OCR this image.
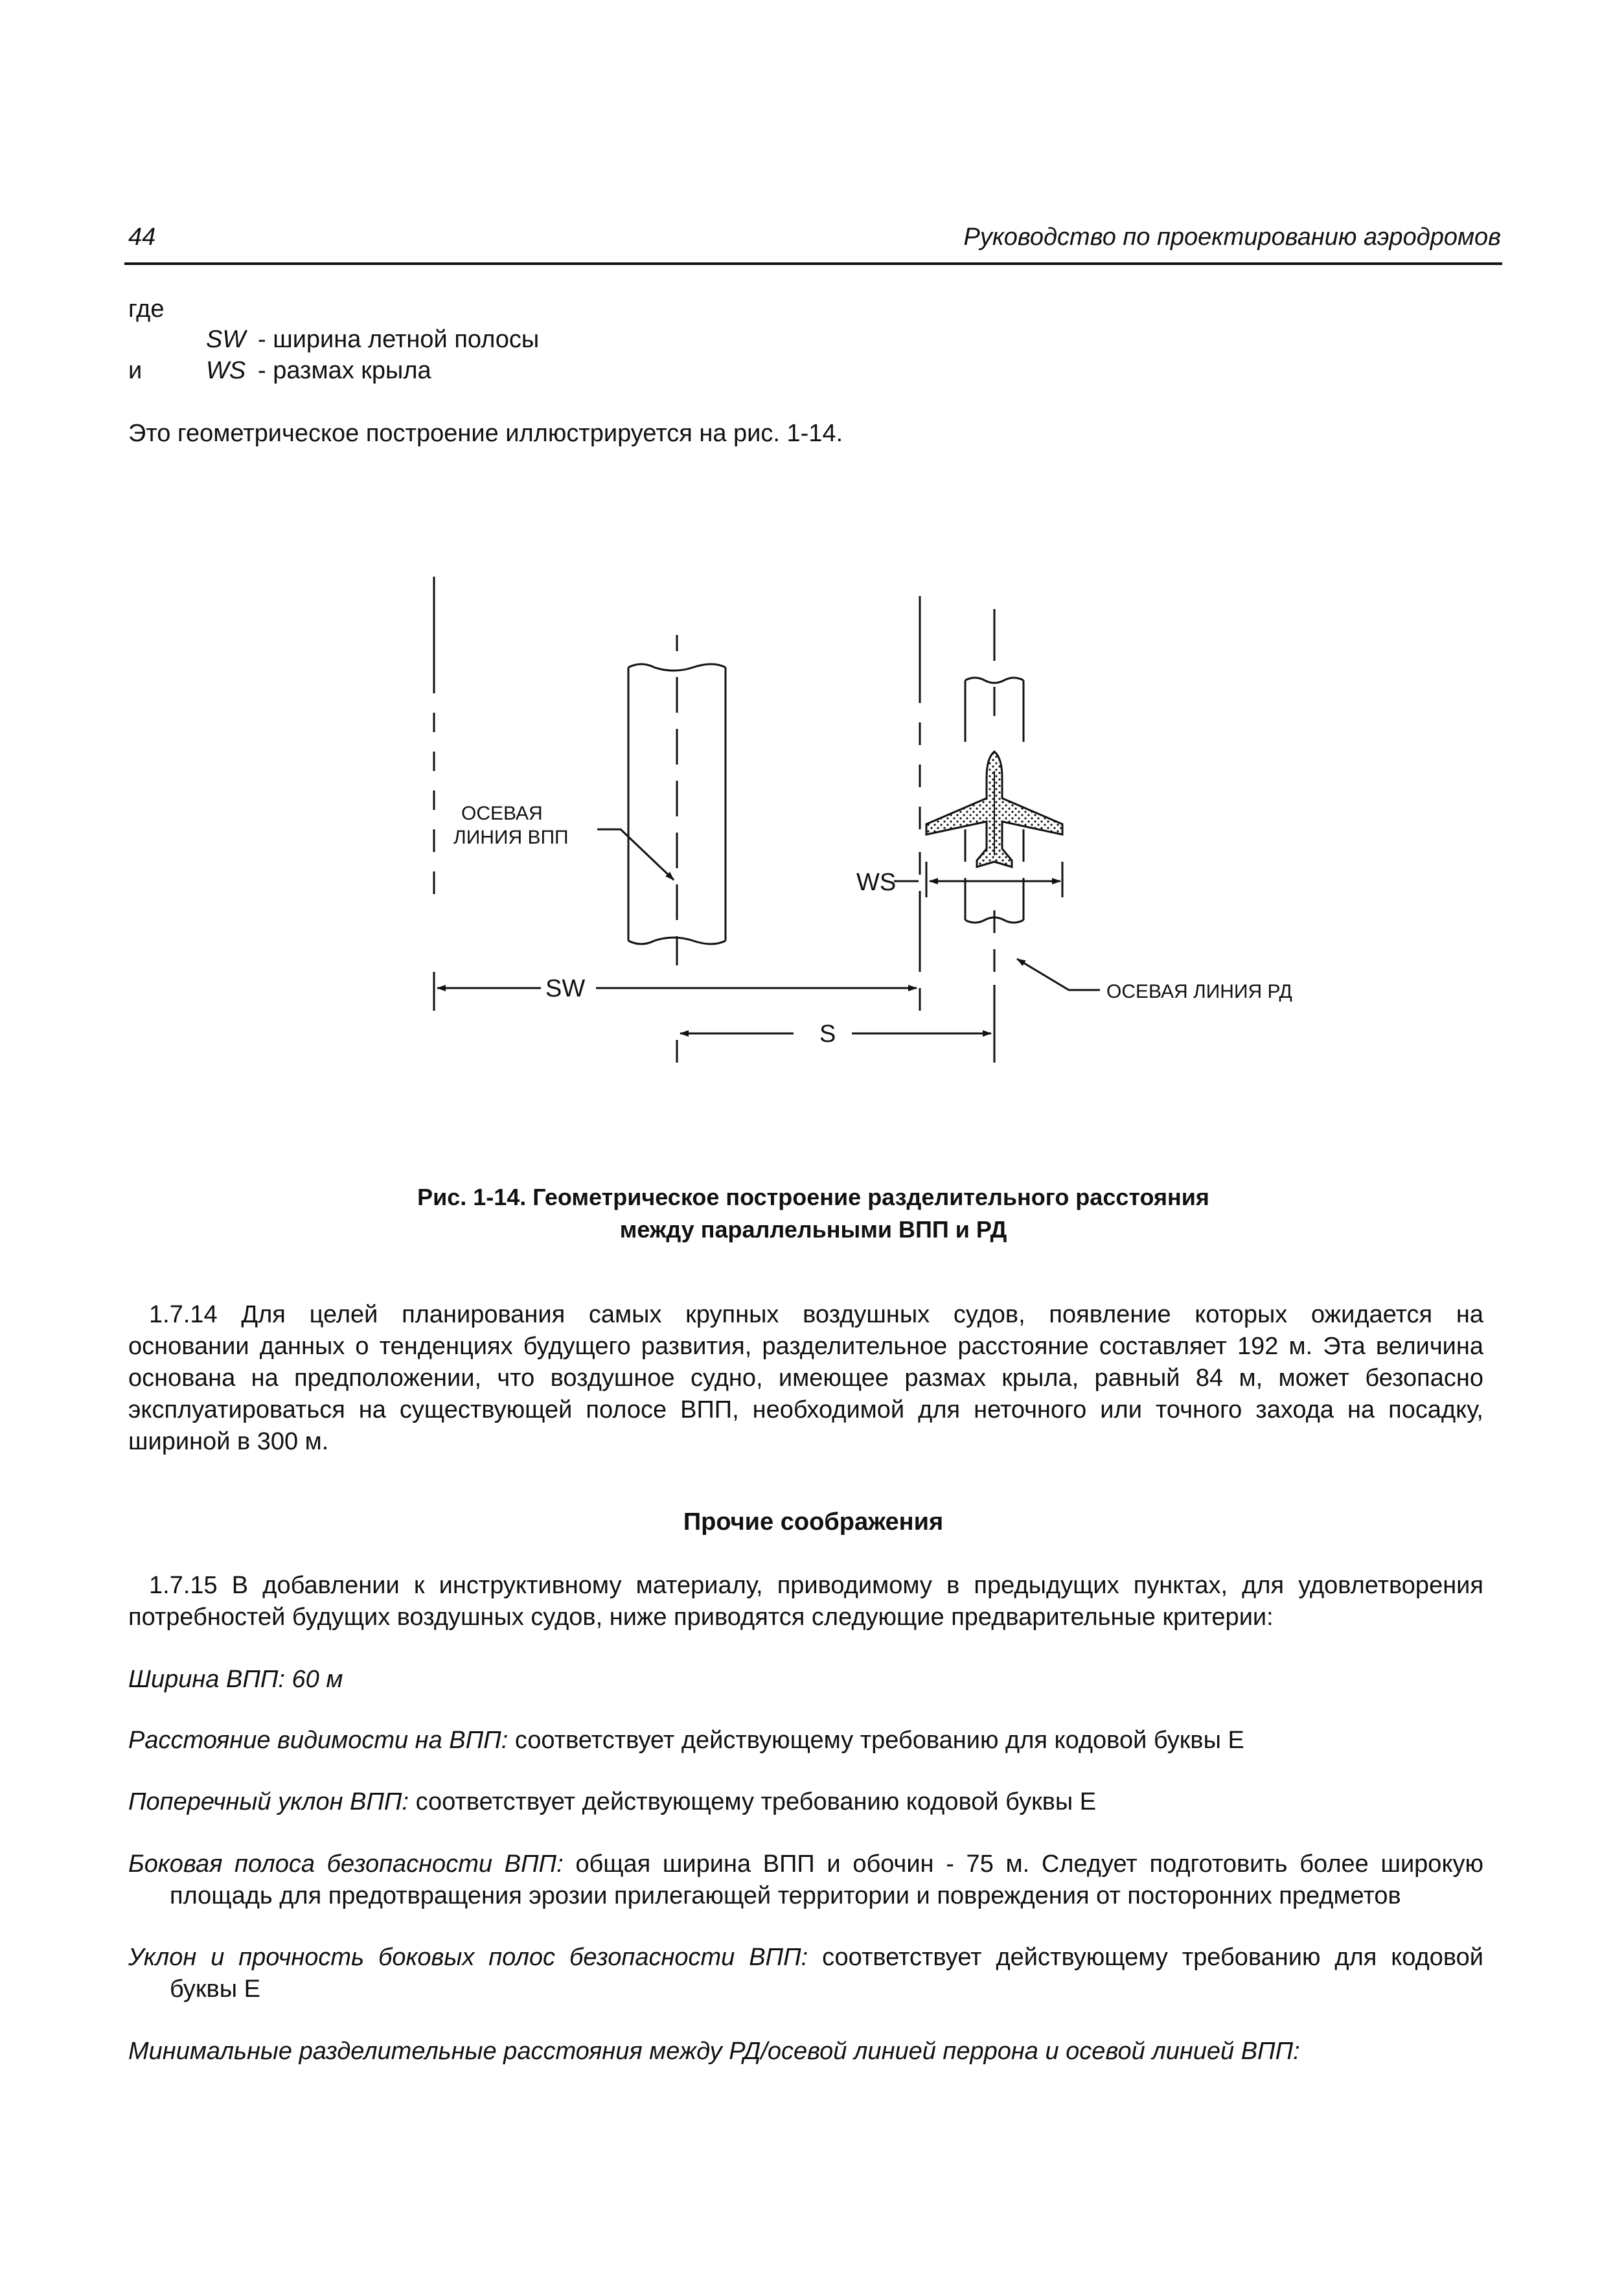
44	Руководство по проектированию аэродромов
где
SW - ширина летной полосы
и	WS - размах крыла
Это геометрическое построение иллюстрируется на рис. 1-14.
WS
ОСЕВАЯ
ЛИНИЯ ВПП
ОСЕВАЯ ЛИНИЯ РД
SW
S
Рис. 1-14. Геометрическое построение разделительного расстояния
между параллельными ВПП и РД
1.7.14 Для целей планирования самых крупных воздушных судов, появление которых ожидается на
основании данных о тенденциях будущего развития, разделительное расстояние составляет 192 м. Эта величина
основана на предположении, что воздушное судно, имеющее размах крыла, равный 84 м, может безопасно
эксплуатироваться на существующей полосе ВПП, необходимой для неточного или точного захода на посадку,
шириной в 300 м.
Прочие соображения
1.7.15 В добавлении к инструктивному материалу, приводимому в предыдущих пунктах, для удовлетворения
потребностей будущих воздушных судов, ниже приводятся следующие предварительные критерии:
Ширина ВПП: 60 м
Расстояние видимости на ВПП: соответствует действующему требованию для кодовой буквы E
Поперечный уклон ВПП: соответствует действующему требованию кодовой буквы E
Боковая полоса безопасности ВПП: общая ширина ВПП и обочин - 75 м. Следует подготовить более широкую
площадь для предотвращения эрозии прилегающей территории и повреждения от посторонних предметов
Уклон и прочность боковых полос безопасности ВПП: соответствует действующему требованию для кодовой
буквы E
Минимальные разделительные расстояния между РД/осевой линией перрона и осевой линией ВПП:
